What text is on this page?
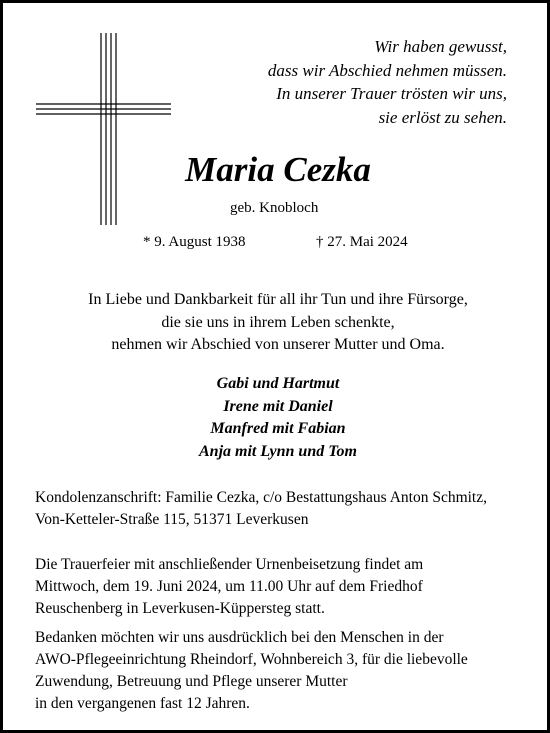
Wir haben gewusst,
dass wir Abschied nehmen müssen.
In unserer Trauer trösten wir uns,
sie erlöst zu sehen.
Maria Cezka
geb. Knobloch
* 9. August 1938	† 27. Mai 2024
In Liebe und Dankbarkeit für all ihr Tun und ihre Fürsorge,
die sie uns in ihrem Leben schenkte,
nehmen wir Abschied von unserer Mutter und Oma.
Gabi und Hartmut
Irene mit Daniel
Manfred mit Fabian
Anja mit Lynn und Tom
Kondolenzanschrift: Familie Cezka, c/o Bestattungshaus Anton Schmitz,
Von-Ketteler-Straße 115, 51371 Leverkusen
Die Trauerfeier mit anschließender Urnenbeisetzung findet am
Mittwoch, dem 19. Juni 2024, um 11.00 Uhr auf dem Friedhof
Reuschenberg in Leverkusen-Küppersteg statt.
Bedanken möchten wir uns ausdrücklich bei den Menschen in der
AWO-Pflegeeinrichtung Rheindorf, Wohnbereich 3, für die liebevolle
Zuwendung, Betreuung und Pflege unserer Mutter
in den vergangenen fast 12 Jahren.
